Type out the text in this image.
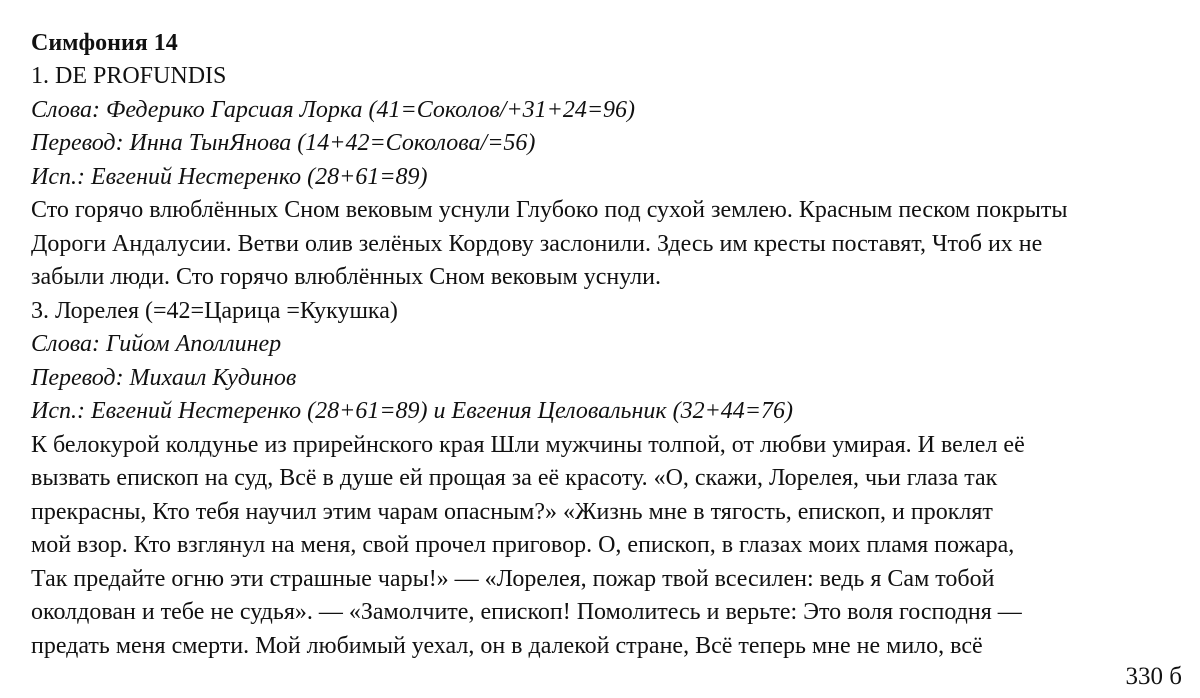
Симфония 14
1. DE PROFUNDIS
Слова: Федерико Гарсиая Лорка (41=Соколов/+31+24=96)
Перевод: Инна ТынЯнова (14+42=Соколова/=56)
Исп.: Евгений Нестеренко (28+61=89)
Сто горячо влюблённых Сном вековым уснули Глубоко под сухой землею. Красным песком покрыты
Дороги Андалусии. Ветви олив зелёных Кордову заслонили. Здесь им кресты поставят, Чтоб их не
забыли люди. Сто горячо влюблённых Сном вековым уснули.
3. Лорелея (=42=Царица =Кукушка)
Слова: Гийом Аполлинер
Перевод: Михаил Кудинов
Исп.: Евгений Нестеренко (28+61=89) и Евгения Целовальник (32+44=76)
К белокурой колдунье из прирейнского края Шли мужчины толпой, от любви умирая. И велел её
вызвать епископ на суд, Всё в душе ей прощая за её красоту. «О, скажи, Лорелея, чьи глаза так
прекрасны, Кто тебя научил этим чарам опасным?» «Жизнь мне в тягость, епископ, и проклят
мой взор. Кто взглянул на меня, свой прочел приговор. О, епископ, в глазах моих пламя пожара,
Так предайте огню эти страшные чары!» — «Лорелея, пожар твой всесилен: ведь я Сам тобой
околдован и тебе не судья». — «Замолчите, епископ! Помолитесь и верьте: Это воля господня —
предать меня смерти. Мой любимый уехал, он в далекой стране, Всё теперь мне не мило, всё
330 б
